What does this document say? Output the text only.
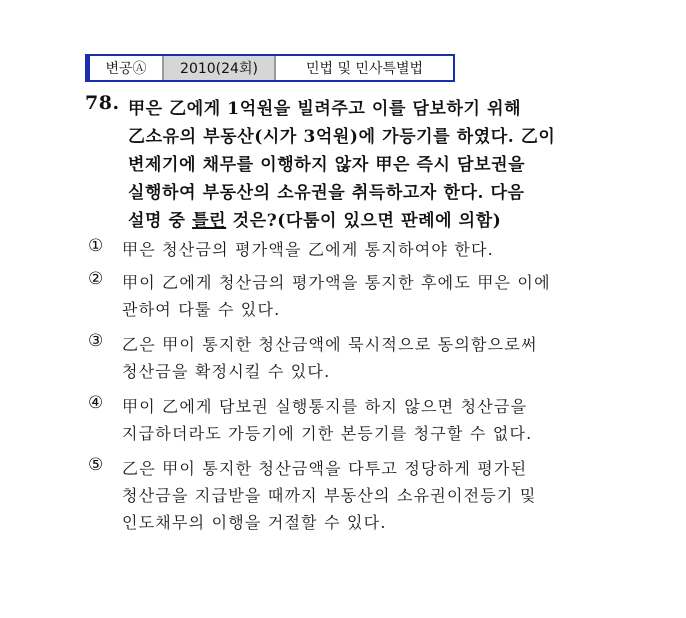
변공Ⓐ	2010(24회)	민법 및 민사특별법
78. 甲은 乙에게 1억원을 빌려주고 이를 담보하기 위해
乙소유의 부동산(시가 3억원)에 가등기를 하였다. 乙이
변제기에 채무를 이행하지 않자 甲은 즉시 담보권을
실행하여 부동산의 소유권을 취득하고자 한다. 다음
설명 중 틀린 것은?(다툼이 있으면 판례에 의함)
① 甲은 청산금의 평가액을 乙에게 통지하여야 한다.
② 甲이 乙에게 청산금의 평가액을 통지한 후에도 甲은 이에
관하여 다툴 수 있다.
③ 乙은 甲이 통지한 청산금액에 묵시적으로 동의함으로써
청산금을 확정시킬 수 있다.
④ 甲이 乙에게 담보권 실행통지를 하지 않으면 청산금을
지급하더라도 가등기에 기한 본등기를 청구할 수 없다.
⑤ 乙은 甲이 통지한 청산금액을 다투고 정당하게 평가된
청산금을 지급받을 때까지 부동산의 소유권이전등기 및
인도채무의 이행을 거절할 수 있다.
